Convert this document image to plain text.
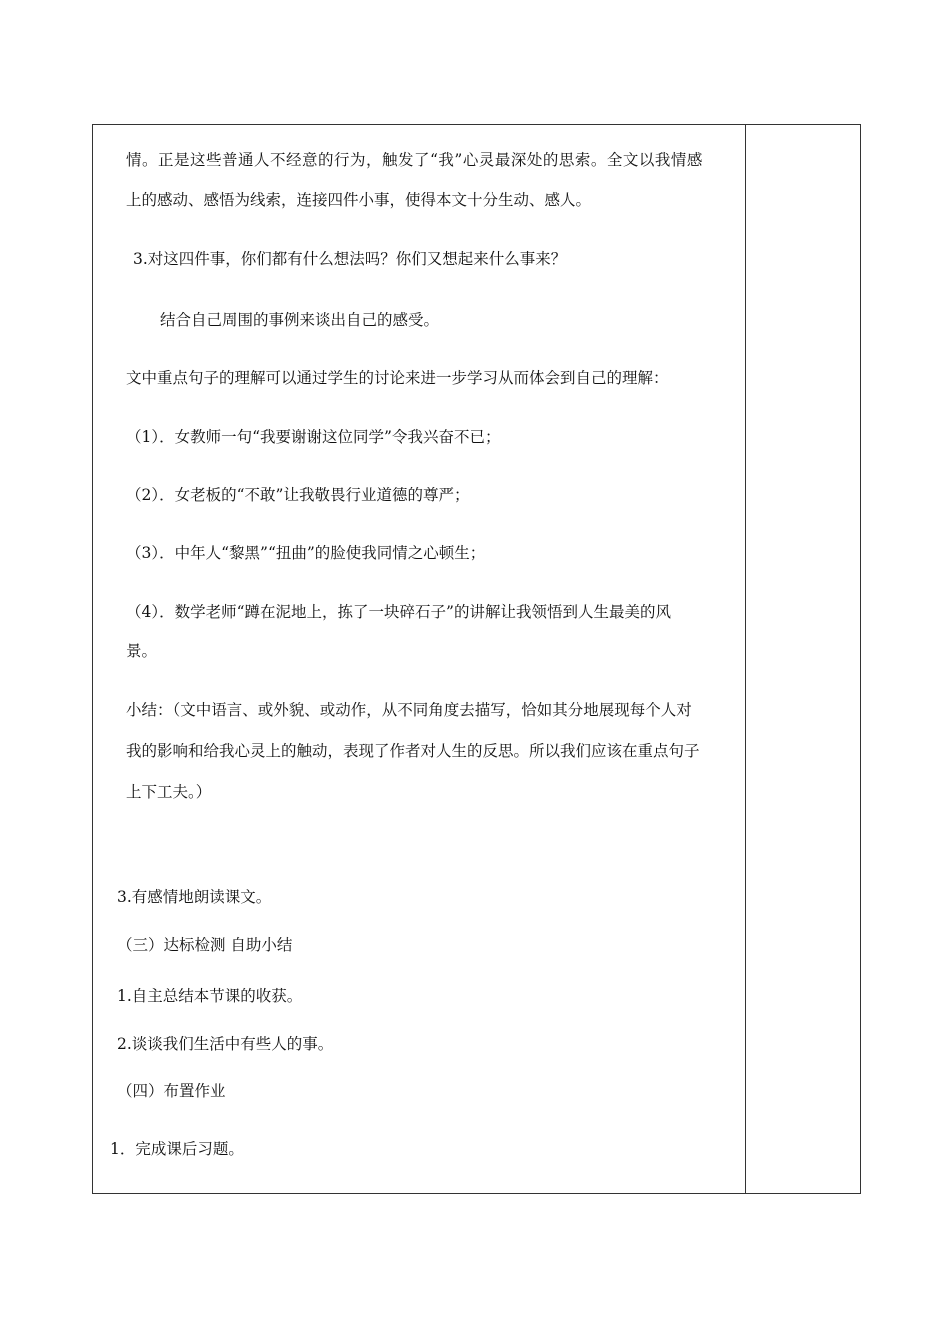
情。正是这些普通人不经意的行为，触发了“我”心灵最深处的思索。全文以我情感
上的感动、感悟为线索，连接四件小事，使得本文十分生动、感人。
3.对这四件事，你们都有什么想法吗？你们又想起来什么事来？
结合自己周围的事例来谈出自己的感受。
文中重点句子的理解可以通过学生的讨论来进一步学习从而体会到自己的理解：
（1）．女教师一句“我要谢谢这位同学”令我兴奋不已；
（2）．女老板的“不敢”让我敬畏行业道德的尊严；
（3）．中年人“黎黑”“扭曲”的脸使我同情之心顿生；
（4）．数学老师“蹲在泥地上，拣了一块碎石子”的讲解让我领悟到人生最美的风
景。
小结：（文中语言、或外貌、或动作，从不同角度去描写，恰如其分地展现每个人对
我的影响和给我心灵上的触动，表现了作者对人生的反思。所以我们应该在重点句子
上下工夫。）
3.有感情地朗读课文。
（三）达标检测 自助小结
1.自主总结本节课的收获。
2.谈谈我们生活中有些人的事。
（四）布置作业
1．完成课后习题。
